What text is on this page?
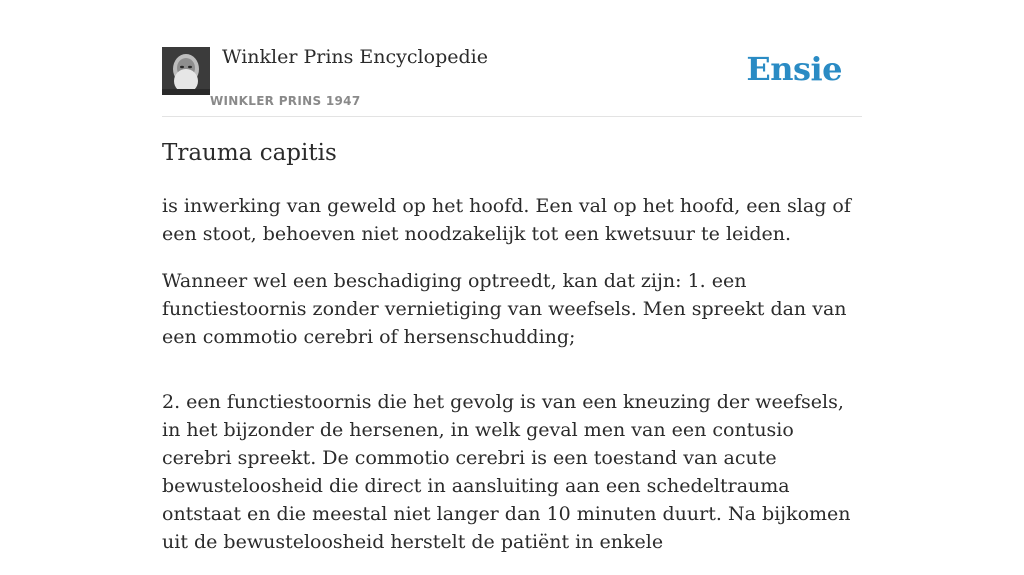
Winkler Prins Encyclopedie
WINKLER PRINS 1947
Ensie
Trauma capitis

is inwerking van geweld op het hoofd. Een val op het hoofd, een slag of een stoot, behoeven niet noodzakelijk tot een kwetsuur te leiden.

Wanneer wel een beschadiging optreedt, kan dat zijn: 1. een functiestoornis zonder vernietiging van weefsels. Men spreekt dan van een commotio cerebri of hersenschudding;

2. een functiestoornis die het gevolg is van een kneuzing der weefsels, in het bijzonder de hersenen, in welk geval men van een contusio cerebri spreekt. De commotio cerebri is een toestand van acute bewusteloosheid die direct in aansluiting aan een schedeltrauma ontstaat en die meestal niet langer dan 10 minuten duurt. Na bijkomen uit de bewusteloosheid herstelt de patiënt in enkele
